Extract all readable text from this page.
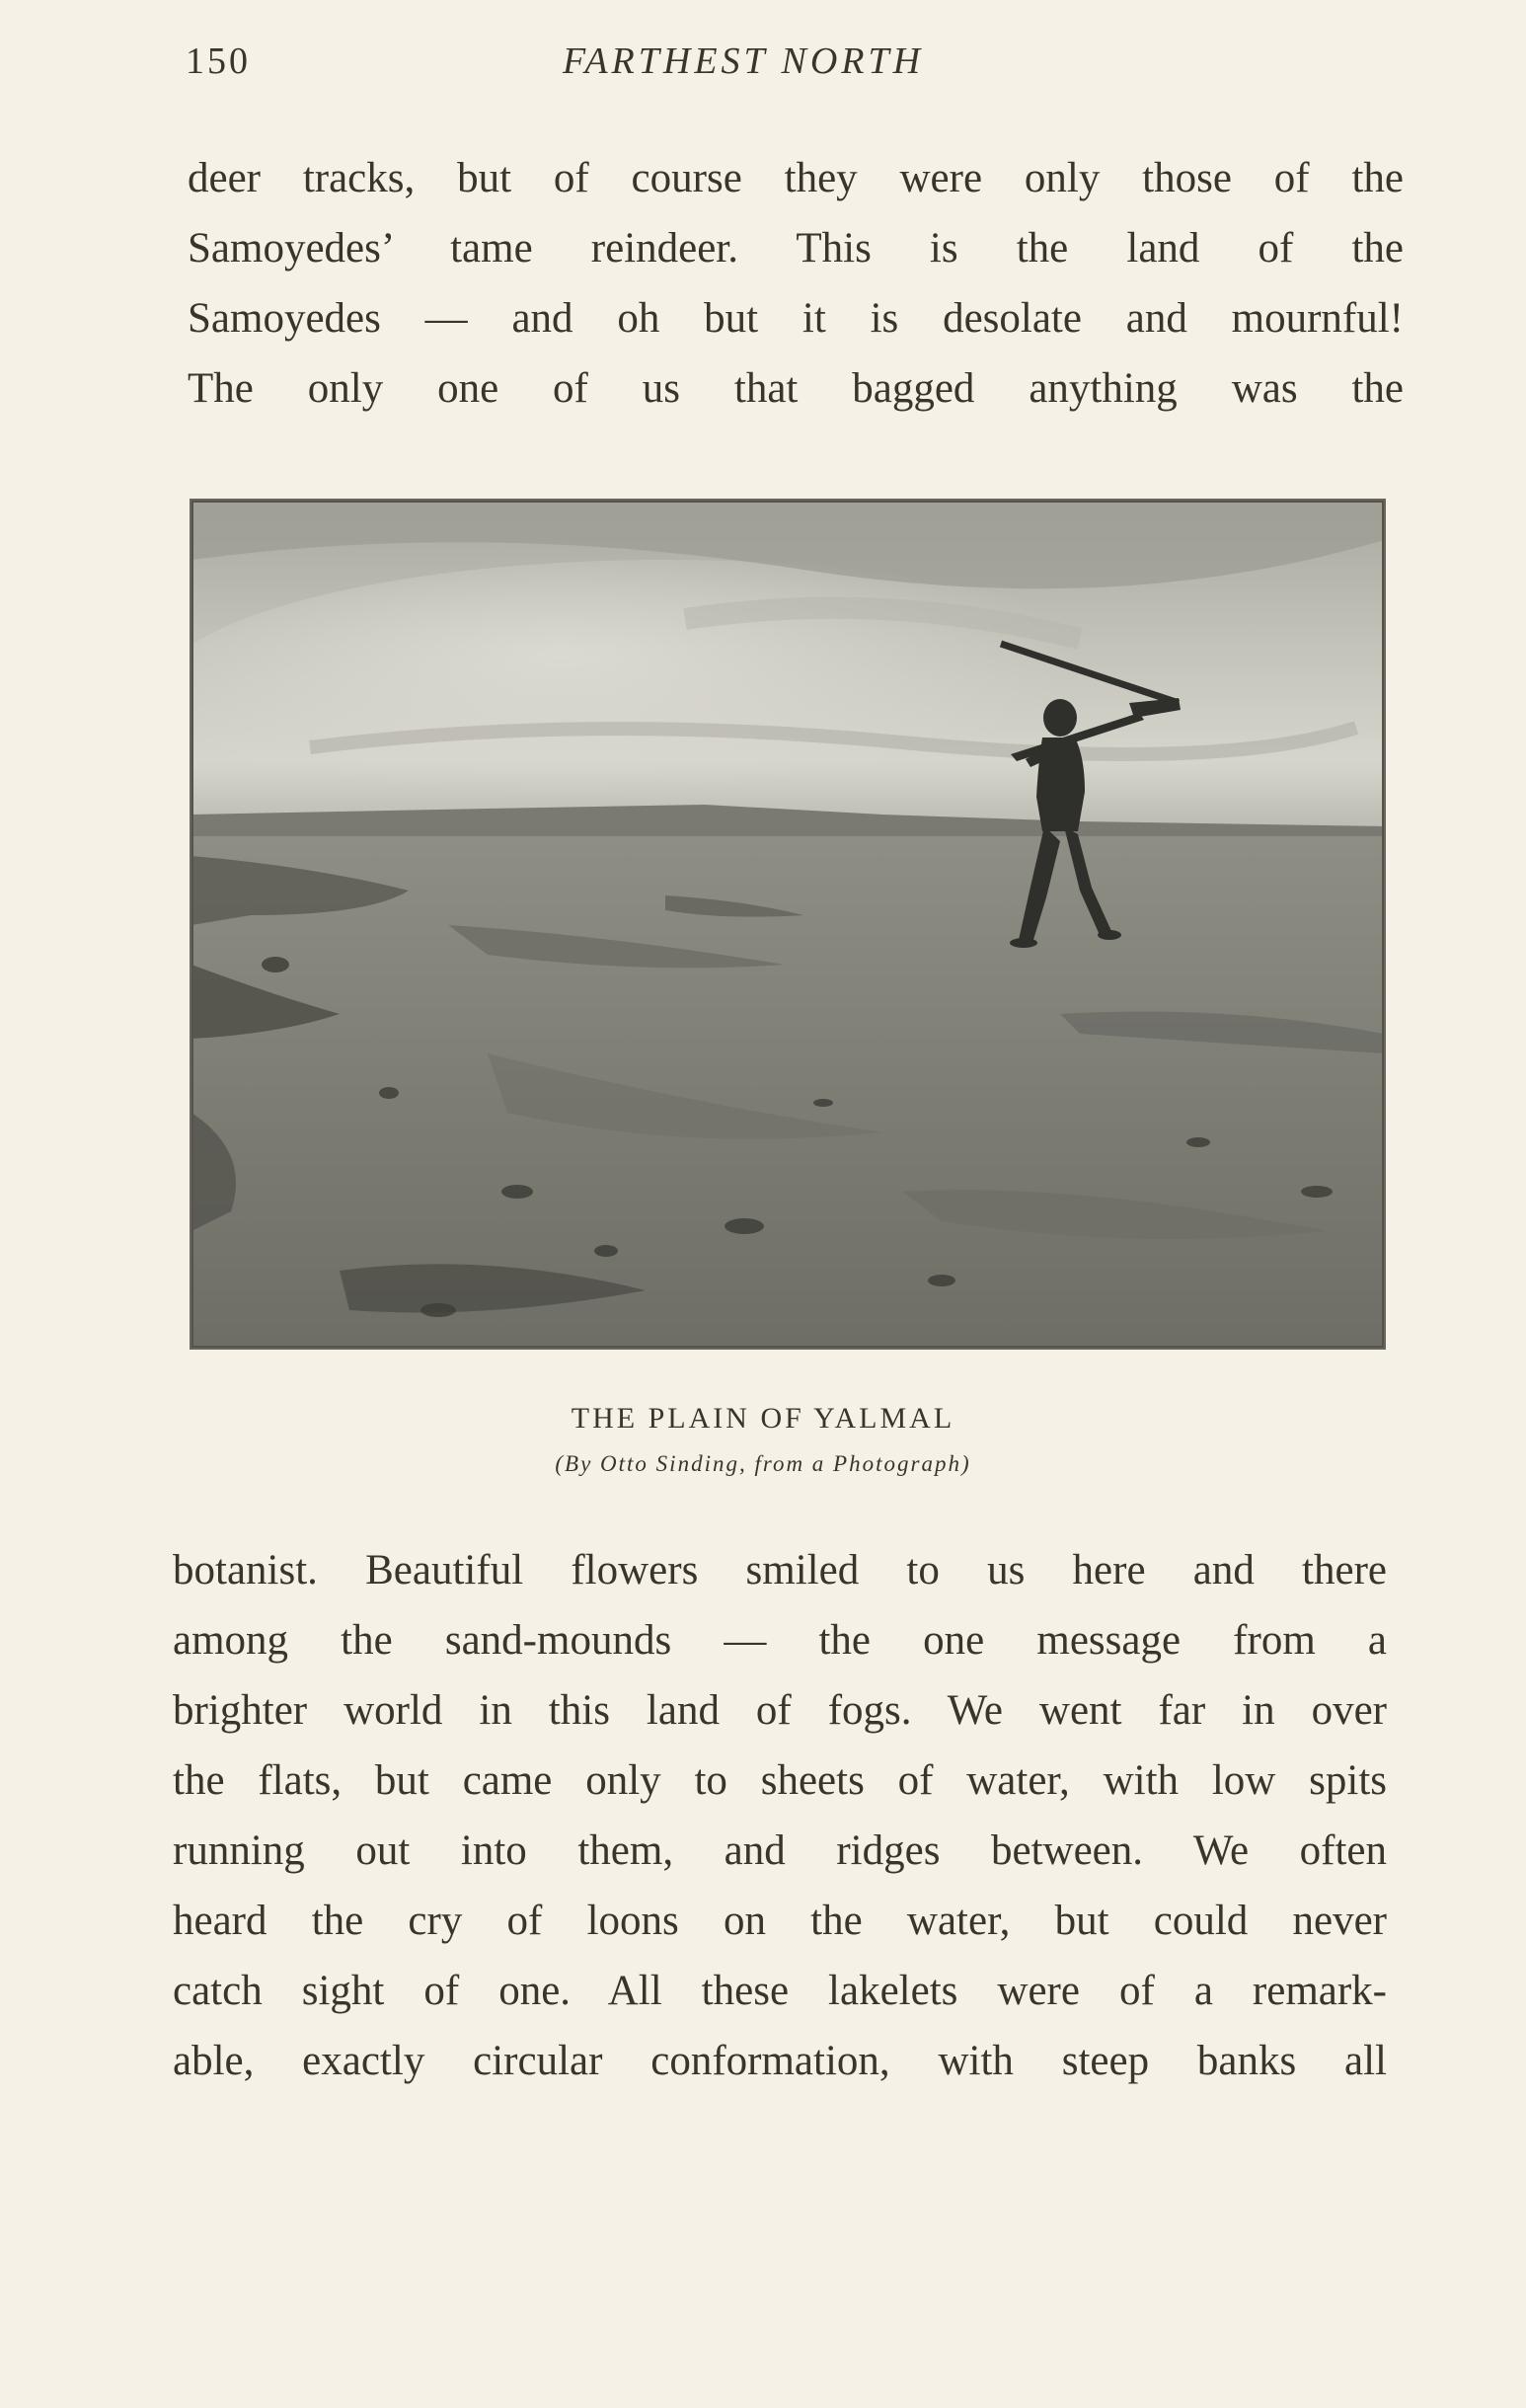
150	FARTHEST NORTH
deer tracks, but of course they were only those of the
Samoyedes’ tame reindeer. This is the land of the
Samoyedes — and oh but it is desolate and mournful!
The only one of us that bagged anything was the
THE PLAIN OF YALMAL
(By Otto Sinding, from a Photograph)
botanist. Beautiful flowers smiled to us here and there
among the sand-mounds — the one message from a
brighter world in this land of fogs. We went far in over
the flats, but came only to sheets of water, with low spits
running out into them, and ridges between. We often
heard the cry of loons on the water, but could never
catch sight of one. All these lakelets were of a remark-
able, exactly circular conformation, with steep banks all
